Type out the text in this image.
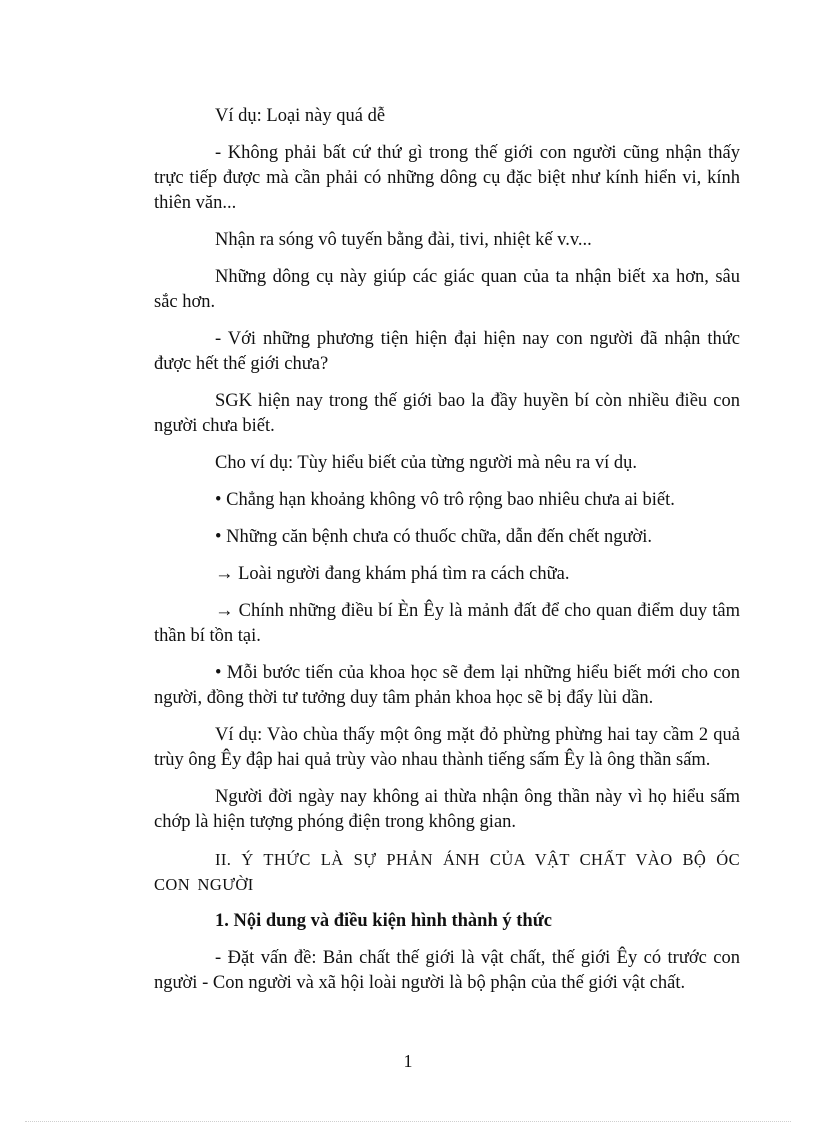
Ví dụ: Loại này quá dễ

- Không phải bất cứ thứ gì trong thế giới con người cũng nhận thấy trực tiếp được mà cần phải có những dông cụ đặc biệt như kính hiển vi, kính thiên văn...

Nhận ra sóng vô tuyến bằng đài, tivi, nhiệt kế v.v...

Những dông cụ này giúp các giác quan của ta nhận biết xa hơn, sâu sắc hơn.

- Với những phương tiện hiện đại hiện nay con người đã nhận thức được hết thế giới chưa?

SGK hiện nay trong thế giới bao la đầy huyền bí còn nhiều điều con người chưa biết.

Cho ví dụ: Tùy hiểu biết của từng người mà nêu ra ví dụ.

• Chẳng hạn khoảng không vô trô rộng bao nhiêu chưa ai biết.

• Những căn bệnh chưa có thuốc chữa, dẫn đến chết người.

→ Loài người đang khám phá tìm ra cách chữa.

→ Chính những điều bí Èn Êy là mảnh đất để cho quan điểm duy tâm thần bí tồn tại.

• Mỗi bước tiến của khoa học sẽ đem lại những hiểu biết mới cho con người, đồng thời tư tưởng duy tâm phản khoa học sẽ bị đẩy lùi dần.

Ví dụ: Vào chùa thấy một ông mặt đỏ phừng phừng hai tay cầm 2 quả trùy ông Êy đập hai quả trùy vào nhau thành tiếng sấm Êy là ông thần sấm.

Người đời ngày nay không ai thừa nhận ông thần này vì họ hiểu sấm chớp là hiện tượng phóng điện trong không gian.

II. Ý THỨC LÀ SỰ PHẢN ÁNH CỦA VẬT CHẤT VÀO BỘ ÓC CON NGƯỜI

1. Nội dung và điều kiện hình thành ý thức

- Đặt vấn đề: Bản chất thế giới là vật chất, thế giới Êy có trước con người - Con người và xã hội loài người là bộ phận của thế giới vật chất.

1
